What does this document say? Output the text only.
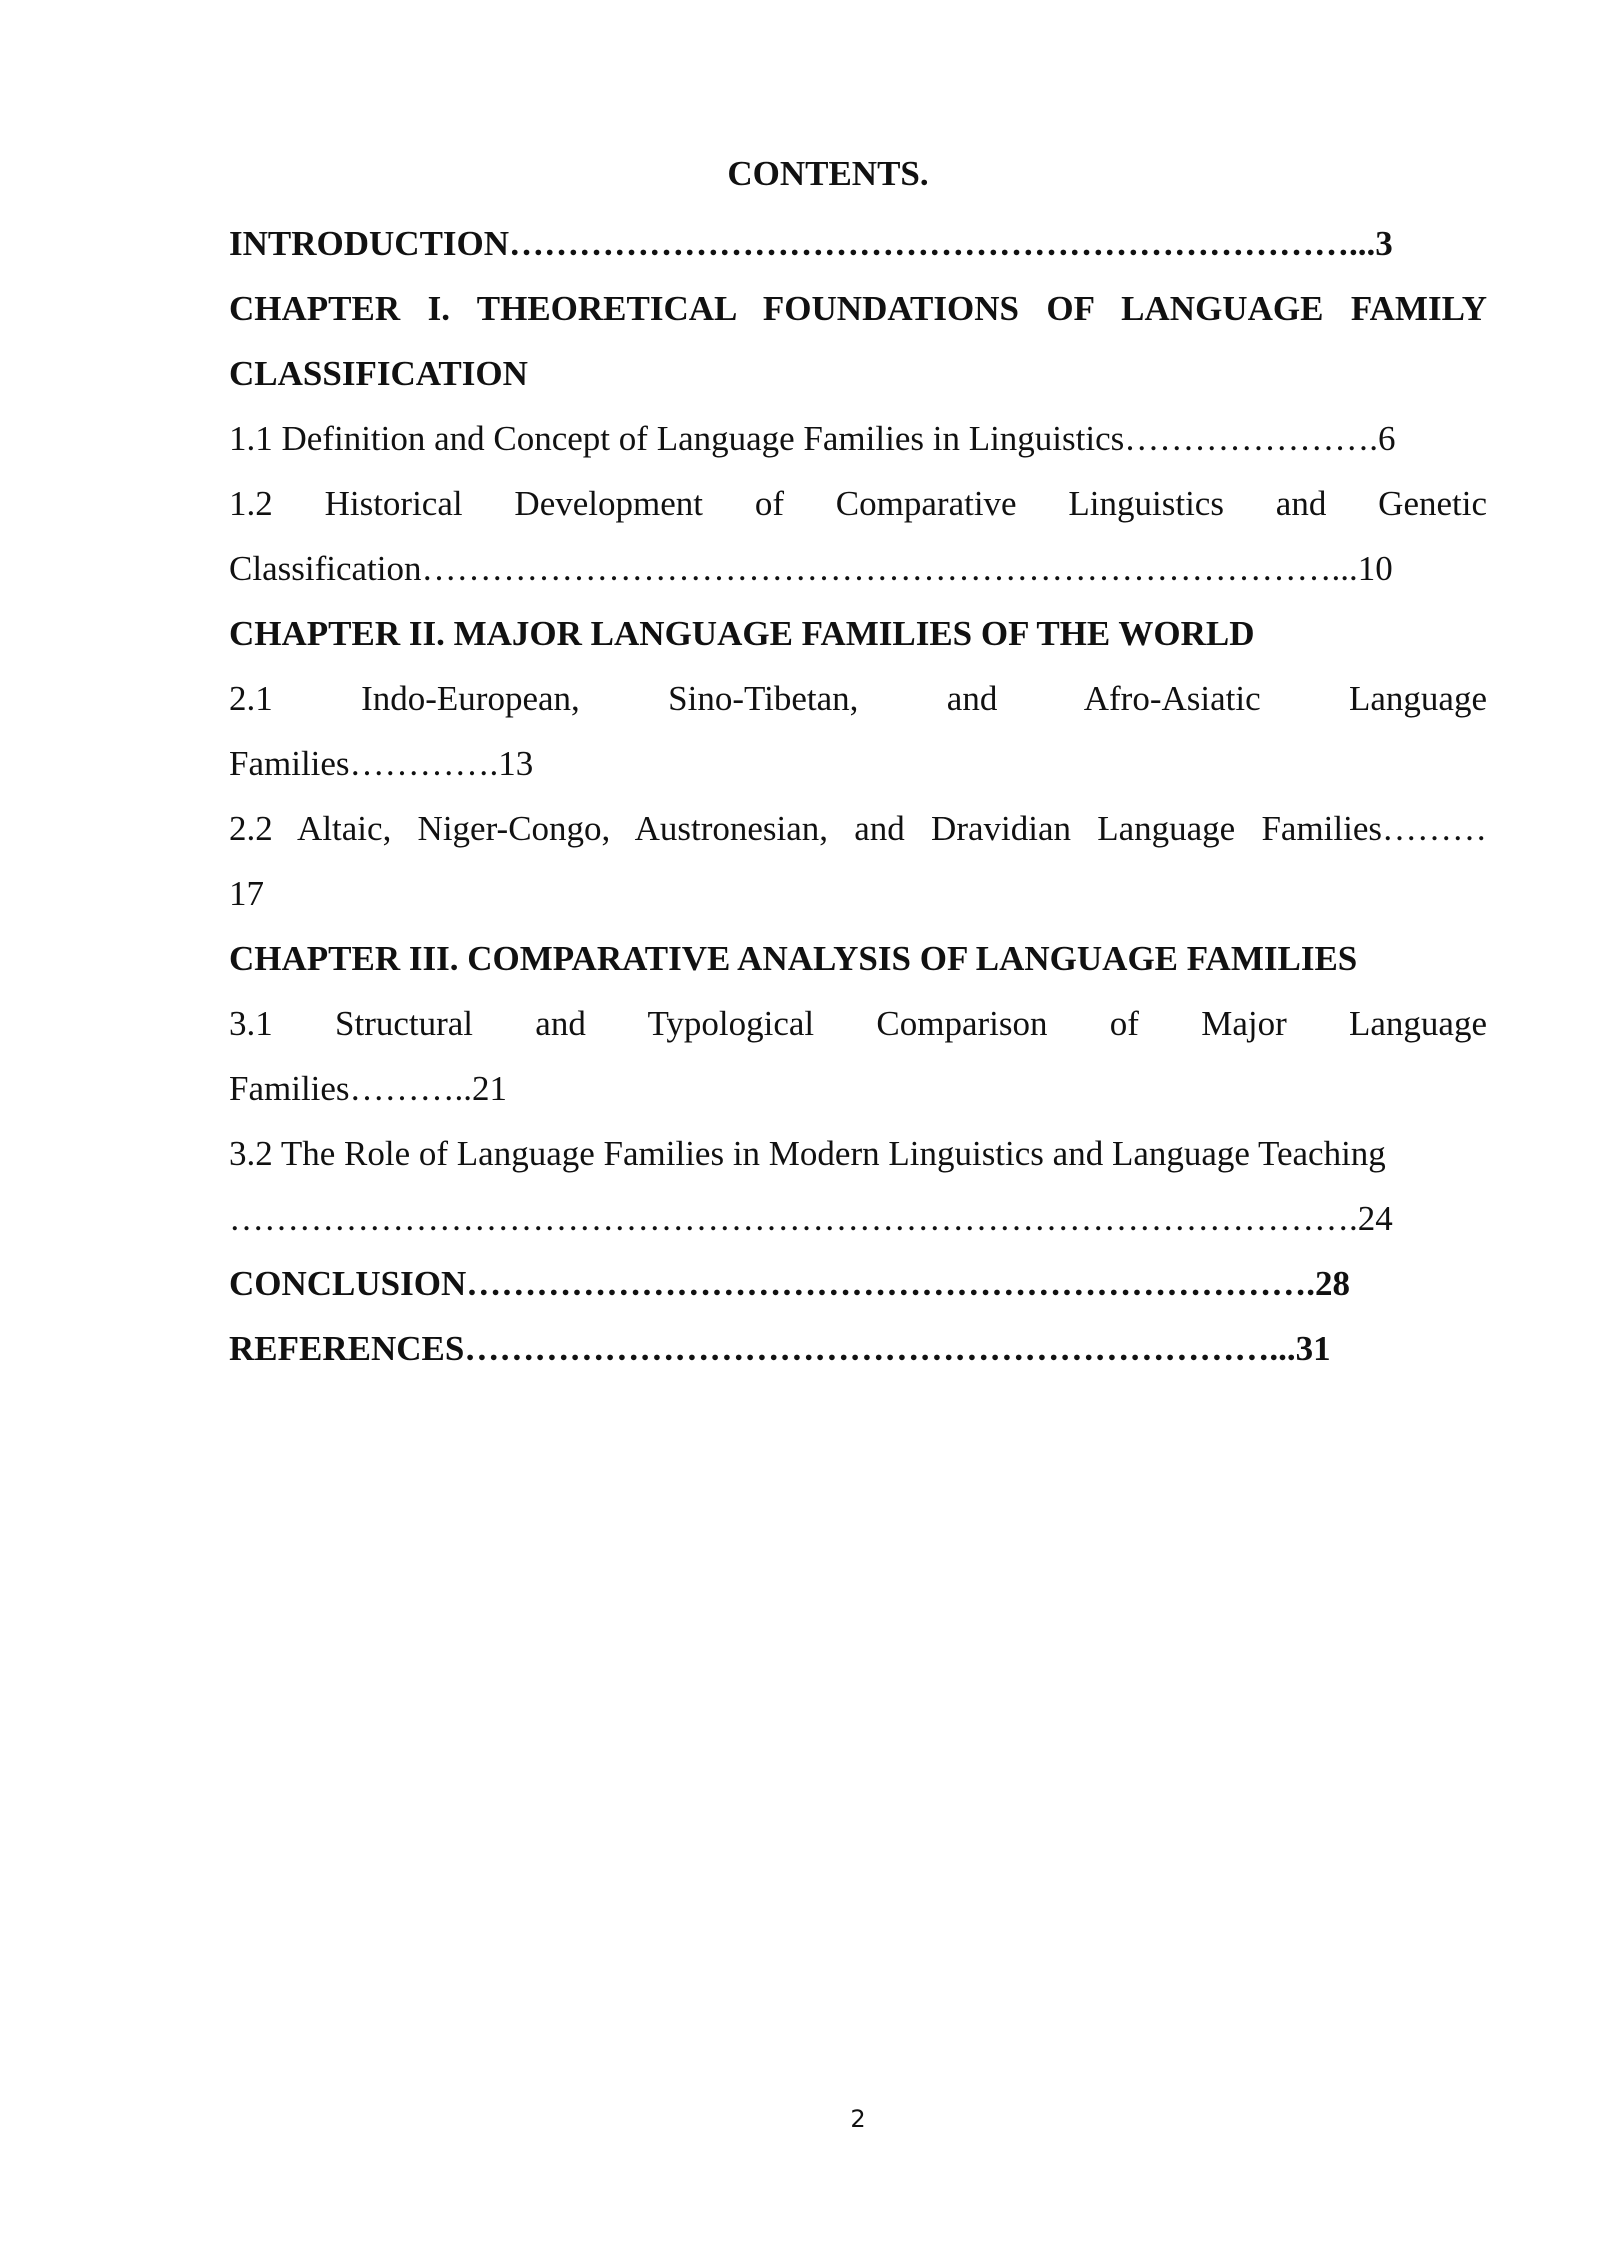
CONTENTS.
INTRODUCTION………………………………………………………………...3
CHAPTER I. THEORETICAL FOUNDATIONS OF LANGUAGE FAMILY
CLASSIFICATION
1.1 Definition and Concept of Language Families in Linguistics………………….6
1.2 Historical Development of Comparative Linguistics and Genetic
Classification……………………………………………………………………...10
CHAPTER II. MAJOR LANGUAGE FAMILIES OF THE WORLD
2.1 Indo-European, Sino-Tibetan, and Afro-Asiatic Language
Families………….13
2.2 Altaic, Niger-Congo, Austronesian, and Dravidian Language Families………
17
CHAPTER III. COMPARATIVE ANALYSIS OF LANGUAGE FAMILIES
3.1 Structural and Typological Comparison of Major Language
Families………..21
3.2 The Role of Language Families in Modern Linguistics and Language Teaching
…………………………………………………………………………………….24
CONCLUSION……………………………………………………………….28
REFERENCES……………………………………………………………...31
2
